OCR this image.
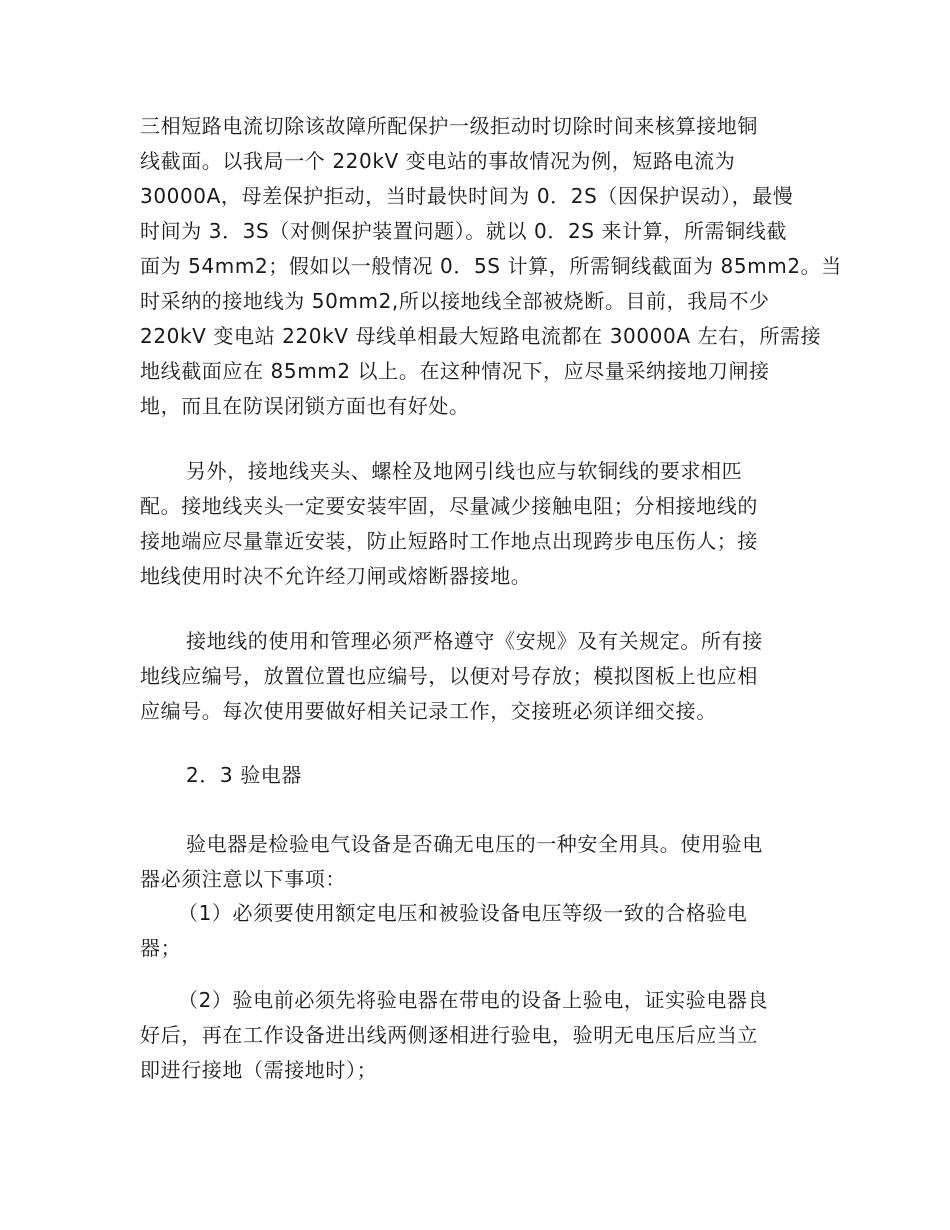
三相短路电流切除该故障所配保护一级拒动时切除时间来核算接地铜
线截面。以我局一个 220kV 变电站的事故情况为例，短路电流为
30000A，母差保护拒动，当时最快时间为 0．2S（因保护误动），最慢
时间为 3．3S（对侧保护装置问题）。就以 0．2S 来计算，所需铜线截
面为 54mm2；假如以一般情况 0．5S 计算，所需铜线截面为 85mm2。当
时采纳的接地线为 50mm2,所以接地线全部被烧断。目前，我局不少
220kV 变电站 220kV 母线单相最大短路电流都在 30000A 左右，所需接
地线截面应在 85mm2 以上。在这种情况下，应尽量采纳接地刀闸接
地，而且在防误闭锁方面也有好处。
另外，接地线夹头、螺栓及地网引线也应与软铜线的要求相匹
配。接地线夹头一定要安装牢固，尽量减少接触电阻；分相接地线的
接地端应尽量靠近安装，防止短路时工作地点出现跨步电压伤人；接
地线使用时决不允许经刀闸或熔断器接地。
接地线的使用和管理必须严格遵守《安规》及有关规定。所有接
地线应编号，放置位置也应编号，以便对号存放；模拟图板上也应相
应编号。每次使用要做好相关记录工作，交接班必须详细交接。
2．3 验电器
验电器是检验电气设备是否确无电压的一种安全用具。使用验电
器必须注意以下事项：
（1）必须要使用额定电压和被验设备电压等级一致的合格验电
器；
（2）验电前必须先将验电器在带电的设备上验电，证实验电器良
好后，再在工作设备进出线两侧逐相进行验电，验明无电压后应当立
即进行接地（需接地时）；
